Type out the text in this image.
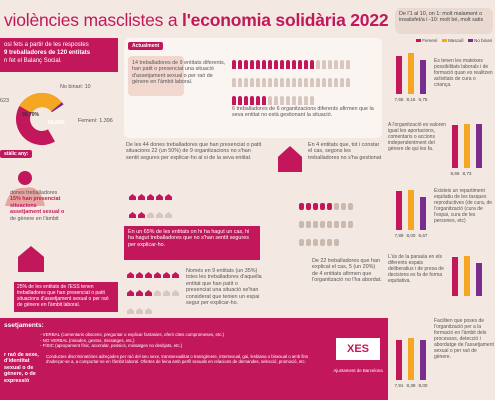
violències masclistes a l'economia solidària 2022 De l'1 al 10, on 1: molt malament o
insatisfet/a i -10: molt bé, molt satis
osi fets a partir de les respostes
9 treballadores de 120 entitats
n fet el Balanç Social.
No binari: 10
623
Femení: 1.396
30,70%
68,80%
stàlic any:
dones treballadores
15% han presenciat
situacions
assetjament sexual o
de gènere en l'àmbit
25% de les entitats de l'ESS tenen treballadores que han presenciat o patit situacions d'assetjament sexual o per raó de gènere en l'àmbit laboral.
Actualment
14 treballadores de 9 entitats diferents, han patit o presenciat una situació d'assetjament sexual o per raó de gènere en l'àmbit laboral.
6 treballadores de 6 organitzacions diferents afirmen que la seva entitat no està gestionant la situació.
De les 44 dones treballadores que han presenciat o patit situacions 22 (un 50%) de 9 organitzacions no s'han sentit segures per explicar-ho al si de la seva entitat.
En un 65% de les entitats on hi ha hagut un cas, hi ha hagut treballadores que no s'han sentit segures per explicar-ho.
Només en 9 entitats (un 35%) totes les treballadores d'aquella entitat que han patit o presenciat una situació se'han considerat que tenien un espai segur per explicar-ho.
En 4 entitats que, tot i constar el cas, segons les treballadores no s'ha gestionat
De 22 treballadores que han explicat el cas, 5 (un 20%) de 4 entitats afirmen que l'organització no l'ha abordat.
Femení Masculí No binari
Es tenen les mateixes possibilitats laborals i de formació quan es realitzen activitats de cura o criança.
7,65 8,15 6,75
A l'organització es valoren igual les aportacions, comentaris o accions independentment del gènere de qui les fa.
8,66 8,73
Existeix un repartiment equitatiu de les tasques reproductives (de cura, de l'organització (cura de l'espai, cura de les persones, etc)
7,89 8,00 6,67
L'ús de la paraula en els diferents espais deliberatius i de presa de decisions es fa de forma equitativa.
Faciliten que poses de l'organització per a la formació en l'àmbit dels processos, detecció i abordatge de l'assetjament sexual o per raó de gènere.
7,91 8,39 8,00
ssetjaments:
- VERBAL (comentaris obscens, preguntar o explicar fantasies, oferir cites compromeses, etc.)
- NO VERBAL (mirades, gestos, missatges, etc.)
- FÍSIC (apropament físic, acorralar, pessics, missatges no desitjats, etc.)
r raó de sexe, d'identitat sexual o de gènere, o de expressió
Conductes discriminatòries adreçades per raó del seu sexe, transsexualitat o transgènere, intersexual, gai, lesbiana o bisexual o amb fins d'adreçar-se a, a comportar-se en l'àmbit laboral. Ofertes de feina amb perfil sexuals en relacions de demandes, selecció, promoció, etc.
XES
Ajuntament de Barcelona
